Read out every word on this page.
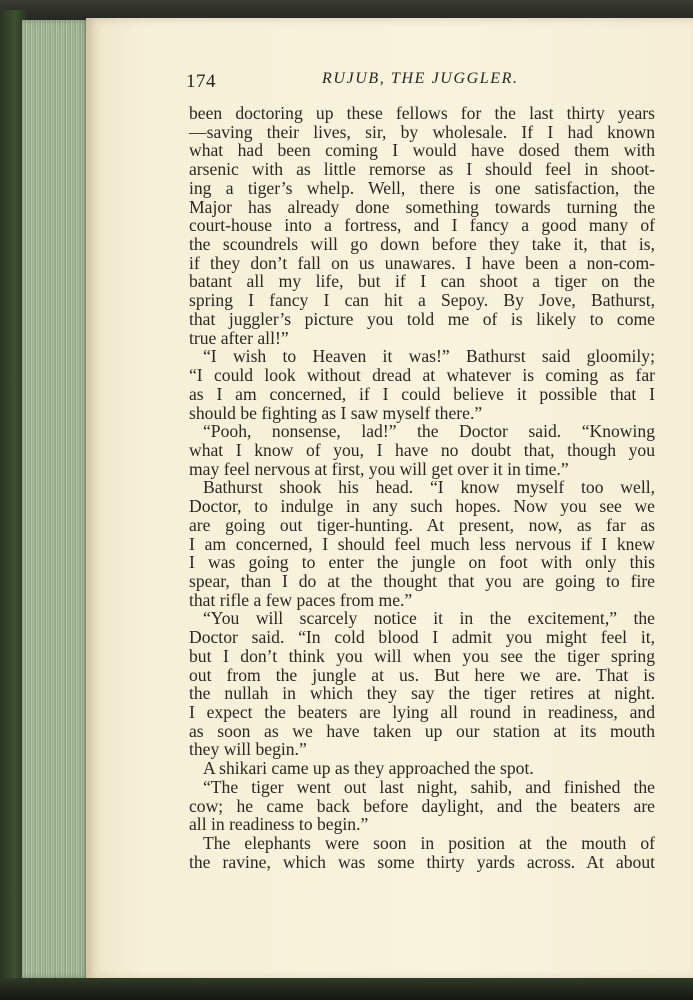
174	RUJUB, THE JUGGLER.
been doctoring up these fellows for the last thirty years
—saving their lives, sir, by wholesale. If I had known
what had been coming I would have dosed them with
arsenic with as little remorse as I should feel in shoot-
ing a tiger’s whelp. Well, there is one satisfaction, the
Major has already done something towards turning the
court-house into a fortress, and I fancy a good many of
the scoundrels will go down before they take it, that is,
if they don’t fall on us unawares. I have been a non-com-
batant all my life, but if I can shoot a tiger on the
spring I fancy I can hit a Sepoy. By Jove, Bathurst,
that juggler’s picture you told me of is likely to come
true after all!”
“I wish to Heaven it was!” Bathurst said gloomily;
“I could look without dread at whatever is coming as far
as I am concerned, if I could believe it possible that I
should be fighting as I saw myself there.”
“Pooh, nonsense, lad!” the Doctor said. “Knowing
what I know of you, I have no doubt that, though you
may feel nervous at first, you will get over it in time.”
Bathurst shook his head. “I know myself too well,
Doctor, to indulge in any such hopes. Now you see we
are going out tiger-hunting. At present, now, as far as
I am concerned, I should feel much less nervous if I knew
I was going to enter the jungle on foot with only this
spear, than I do at the thought that you are going to fire
that rifle a few paces from me.”
“You will scarcely notice it in the excitement,” the
Doctor said. “In cold blood I admit you might feel it,
but I don’t think you will when you see the tiger spring
out from the jungle at us. But here we are. That is
the nullah in which they say the tiger retires at night.
I expect the beaters are lying all round in readiness, and
as soon as we have taken up our station at its mouth
they will begin.”
A shikari came up as they approached the spot.
“The tiger went out last night, sahib, and finished the
cow; he came back before daylight, and the beaters are
all in readiness to begin.”
The elephants were soon in position at the mouth of
the ravine, which was some thirty yards across. At about
